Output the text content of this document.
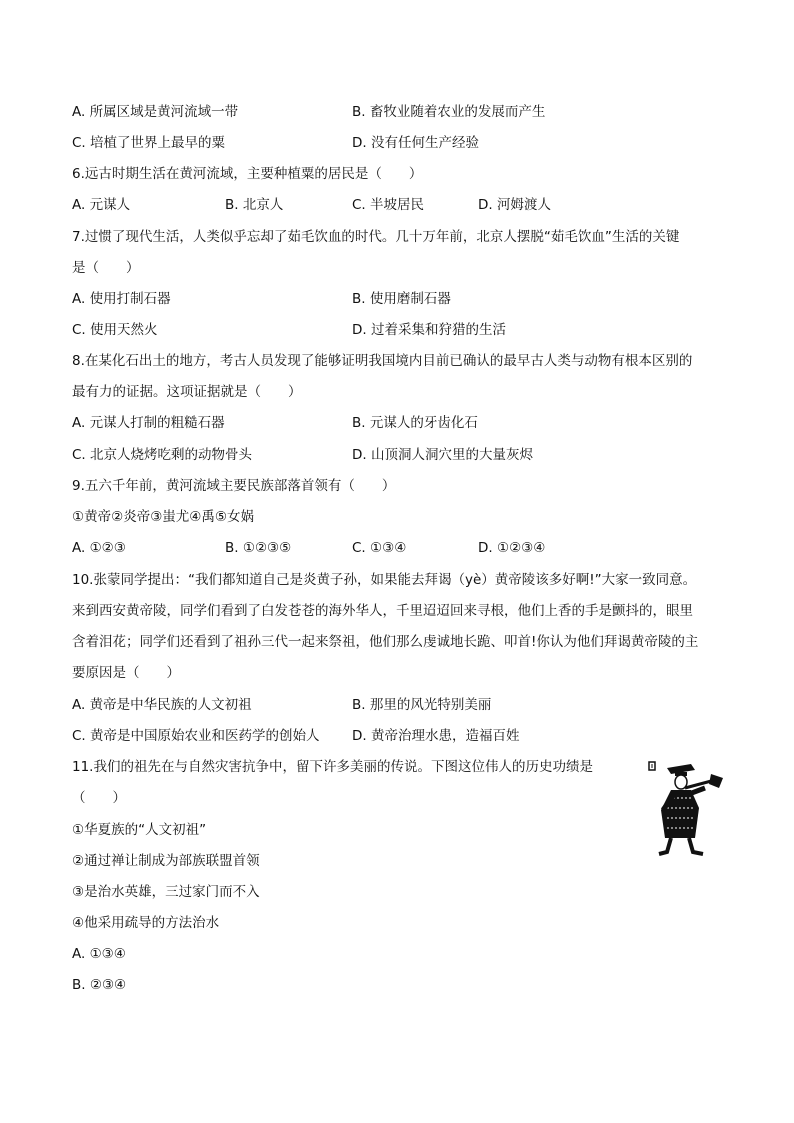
A. 所属区域是黄河流域一带	B. 畜牧业随着农业的发展而产生
C. 培植了世界上最早的粟	D. 没有任何生产经验
6.远古时期生活在黄河流域，主要种植粟的居民是（　　）
A. 元谋人	B. 北京人	C. 半坡居民	D. 河姆渡人
7.过惯了现代生活，人类似乎忘却了茹毛饮血的时代。几十万年前，北京人摆脱“茹毛饮血”生活的关键
是（　　）
A. 使用打制石器	B. 使用磨制石器
C. 使用天然火	D. 过着采集和狩猎的生活
8.在某化石出土的地方，考古人员发现了能够证明我国境内目前已确认的最早古人类与动物有根本区别的
最有力的证据。这项证据就是（　　）
A. 元谋人打制的粗糙石器	B. 元谋人的牙齿化石
C. 北京人烧烤吃剩的动物骨头	D. 山顶洞人洞穴里的大量灰烬
9.五六千年前，黄河流域主要民族部落首领有（　　）
①黄帝②炎帝③蚩尤④禹⑤女娲
A. ①②③	B. ①②③⑤	C. ①③④	D. ①②③④
10.张蒙同学提出：“我们都知道自己是炎黄子孙，如果能去拜谒（yè）黄帝陵该多好啊!”大家一致同意。
来到西安黄帝陵，同学们看到了白发苍苍的海外华人，千里迢迢回来寻根，他们上香的手是颤抖的，眼里
含着泪花；同学们还看到了祖孙三代一起来祭祖，他们那么虔诚地长跪、叩首!你认为他们拜谒黄帝陵的主
要原因是（　　）
A. 黄帝是中华民族的人文初祖	B. 那里的风光特别美丽
C. 黄帝是中国原始农业和医药学的创始人 D. 黄帝治理水患，造福百姓
11.我们的祖先在与自然灾害抗争中，留下许多美丽的传说。下图这位伟人的历史功绩是
（　　）
①华夏族的“人文初祖”
②通过禅让制成为部族联盟首领
③是治水英雄，三过家门而不入
④他采用疏导的方法治水
A. ①③④
B. ②③④
